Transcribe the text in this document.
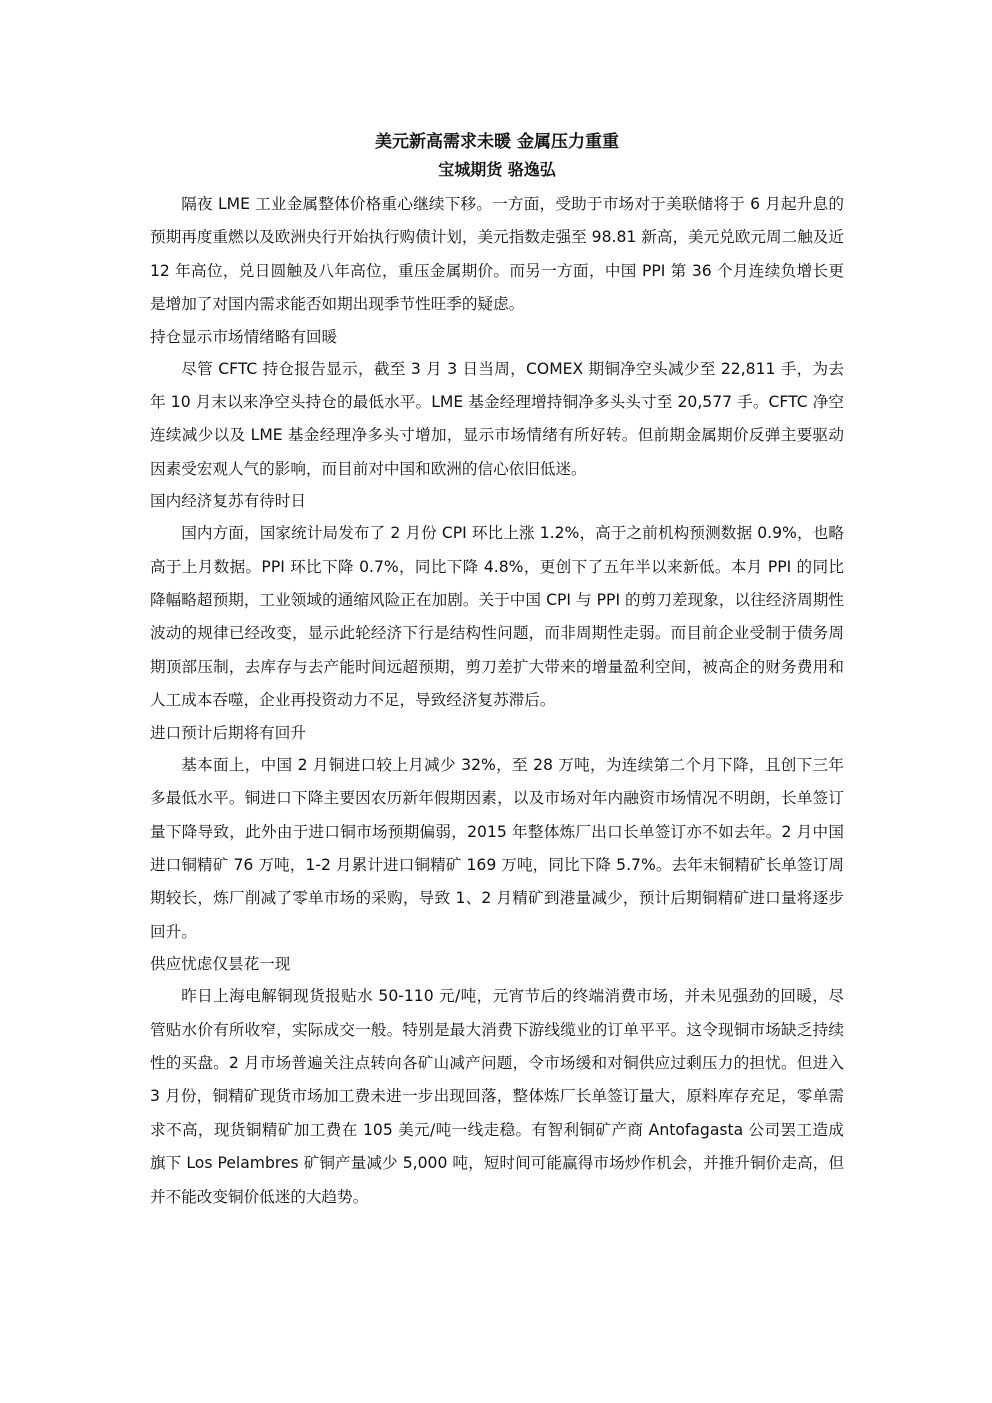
美元新高需求未暖 金属压力重重
宝城期货 骆逸弘

隔夜 LME 工业金属整体价格重心继续下移。一方面，受助于市场对于美联储将于 6 月起升息的预期再度重燃以及欧洲央行开始执行购债计划，美元指数走强至 98.81 新高，美元兑欧元周二触及近 12 年高位，兑日圆触及八年高位，重压金属期价。而另一方面，中国 PPI 第 36 个月连续负增长更是增加了对国内需求能否如期出现季节性旺季的疑虑。

持仓显示市场情绪略有回暖

尽管 CFTC 持仓报告显示，截至 3 月 3 日当周，COMEX 期铜净空头减少至 22,811 手，为去年 10 月末以来净空头持仓的最低水平。LME 基金经理增持铜净多头头寸至 20,577 手。CFTC 净空连续减少以及 LME 基金经理净多头寸增加，显示市场情绪有所好转。但前期金属期价反弹主要驱动因素受宏观人气的影响，而目前对中国和欧洲的信心依旧低迷。

国内经济复苏有待时日

国内方面，国家统计局发布了 2 月份 CPI 环比上涨 1.2%，高于之前机构预测数据 0.9%，也略高于上月数据。PPI 环比下降 0.7%，同比下降 4.8%，更创下了五年半以来新低。本月 PPI 的同比降幅略超预期，工业领域的通缩风险正在加剧。关于中国 CPI 与 PPI 的剪刀差现象，以往经济周期性波动的规律已经改变，显示此轮经济下行是结构性问题，而非周期性走弱。而目前企业受制于债务周期顶部压制，去库存与去产能时间远超预期，剪刀差扩大带来的增量盈利空间，被高企的财务费用和人工成本吞噬，企业再投资动力不足，导致经济复苏滞后。

进口预计后期将有回升

基本面上，中国 2 月铜进口较上月减少 32%，至 28 万吨，为连续第二个月下降，且创下三年多最低水平。铜进口下降主要因农历新年假期因素，以及市场对年内融资市场情况不明朗，长单签订量下降导致，此外由于进口铜市场预期偏弱，2015 年整体炼厂出口长单签订亦不如去年。2 月中国进口铜精矿 76 万吨，1-2 月累计进口铜精矿 169 万吨，同比下降 5.7%。去年末铜精矿长单签订周期较长，炼厂削减了零单市场的采购，导致 1、2 月精矿到港量减少，预计后期铜精矿进口量将逐步回升。

供应忧虑仅昙花一现

昨日上海电解铜现货报贴水 50-110 元/吨，元宵节后的终端消费市场，并未见强劲的回暖，尽管贴水价有所收窄，实际成交一般。特别是最大消费下游线缆业的订单平平。这令现铜市场缺乏持续性的买盘。2 月市场普遍关注点转向各矿山减产问题，令市场缓和对铜供应过剩压力的担忧。但进入 3 月份，铜精矿现货市场加工费未进一步出现回落，整体炼厂长单签订量大，原料库存充足，零单需求不高，现货铜精矿加工费在 105 美元/吨一线走稳。有智利铜矿产商 Antofagasta 公司罢工造成旗下 Los Pelambres 矿铜产量减少 5,000 吨，短时间可能赢得市场炒作机会，并推升铜价走高，但并不能改变铜价低迷的大趋势。
